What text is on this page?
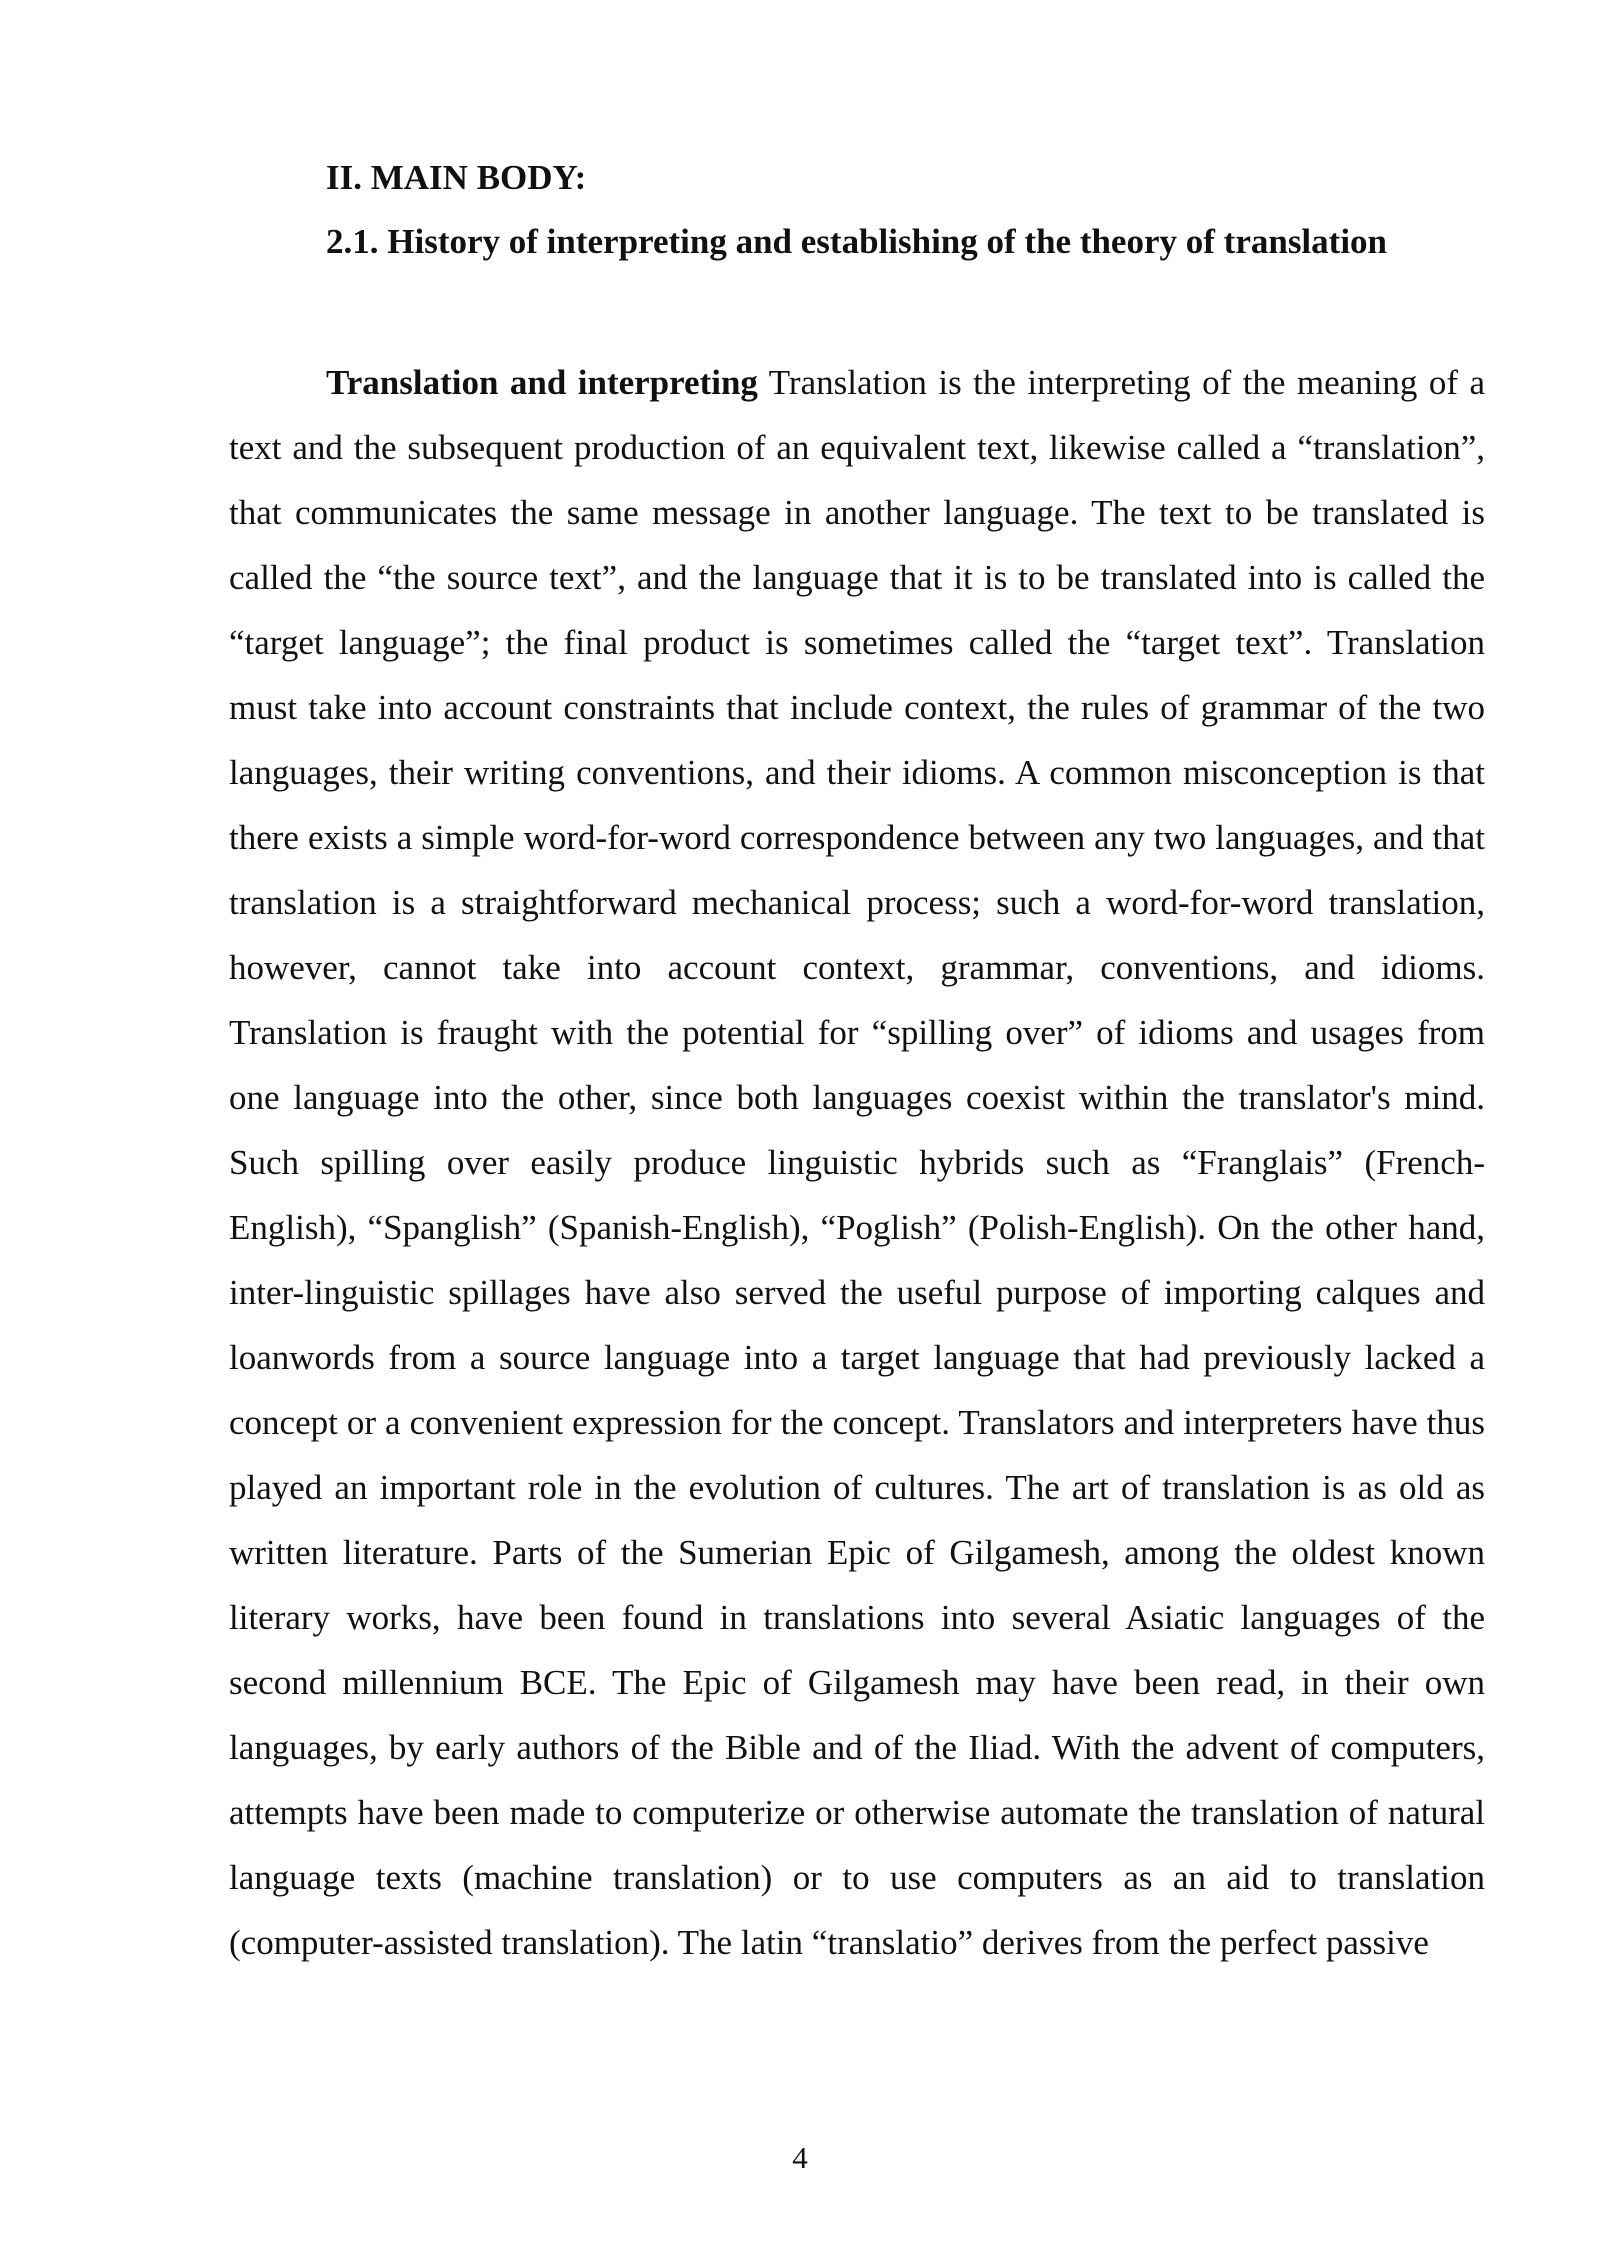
II. MAIN BODY:
2.1. History of interpreting and establishing of the theory of translation

Translation and interpreting Translation is the interpreting of the meaning of a text and the subsequent production of an equivalent text, likewise called a “translation”, that communicates the same message in another language. The text to be translated is called the “the source text”, and the language that it is to be translated into is called the “target language”; the final product is sometimes called the “target text”. Translation must take into account constraints that include context, the rules of grammar of the two languages, their writing conventions, and their idioms. A common misconception is that there exists a simple word-for-word correspondence between any two languages, and that translation is a straightforward mechanical process; such a word-for-word translation, however, cannot take into account context, grammar, conventions, and idioms. Translation is fraught with the potential for “spilling over” of idioms and usages from one language into the other, since both languages coexist within the translator's mind. Such spilling over easily produce linguistic hybrids such as “Franglais” (French-English), “Spanglish” (Spanish-English), “Poglish” (Polish-English). On the other hand, inter-linguistic spillages have also served the useful purpose of importing calques and loanwords from a source language into a target language that had previously lacked a concept or a convenient expression for the concept. Translators and interpreters have thus played an important role in the evolution of cultures. The art of translation is as old as written literature. Parts of the Sumerian Epic of Gilgamesh, among the oldest known literary works, have been found in translations into several Asiatic languages of the second millennium BCE. The Epic of Gilgamesh may have been read, in their own languages, by early authors of the Bible and of the Iliad. With the advent of computers, attempts have been made to computerize or otherwise automate the translation of natural language texts (machine translation) or to use computers as an aid to translation (computer-assisted translation). The latin “translatio” derives from the perfect passive

4
